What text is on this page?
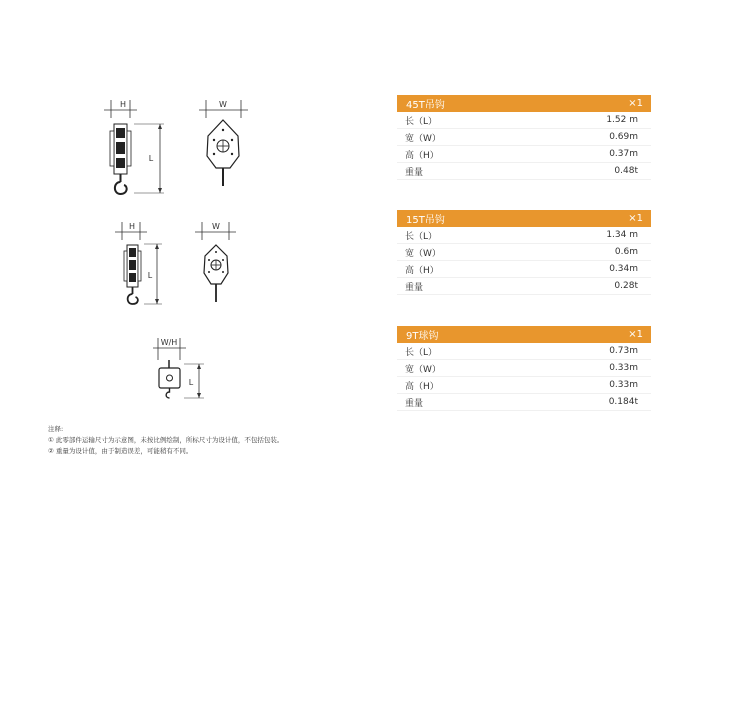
H
L
W
H
L
W
W/H
L
注释:
① 此零部件运输尺寸为示意图，未按比例绘制，所标尺寸为设计值，不包括包装。
② 重量为设计值，由于制造误差，可能稍有不同。
45T吊钩	×1
长（L）	1.52 m
宽（W）	0.69m
高（H）	0.37m
重量	0.48t
15T吊钩	×1
长（L）	1.34 m
宽（W）	0.6m
高（H）	0.34m
重量	0.28t
9T球钩	×1
长（L）	0.73m
宽（W）	0.33m
高（H）	0.33m
重量	0.184t
